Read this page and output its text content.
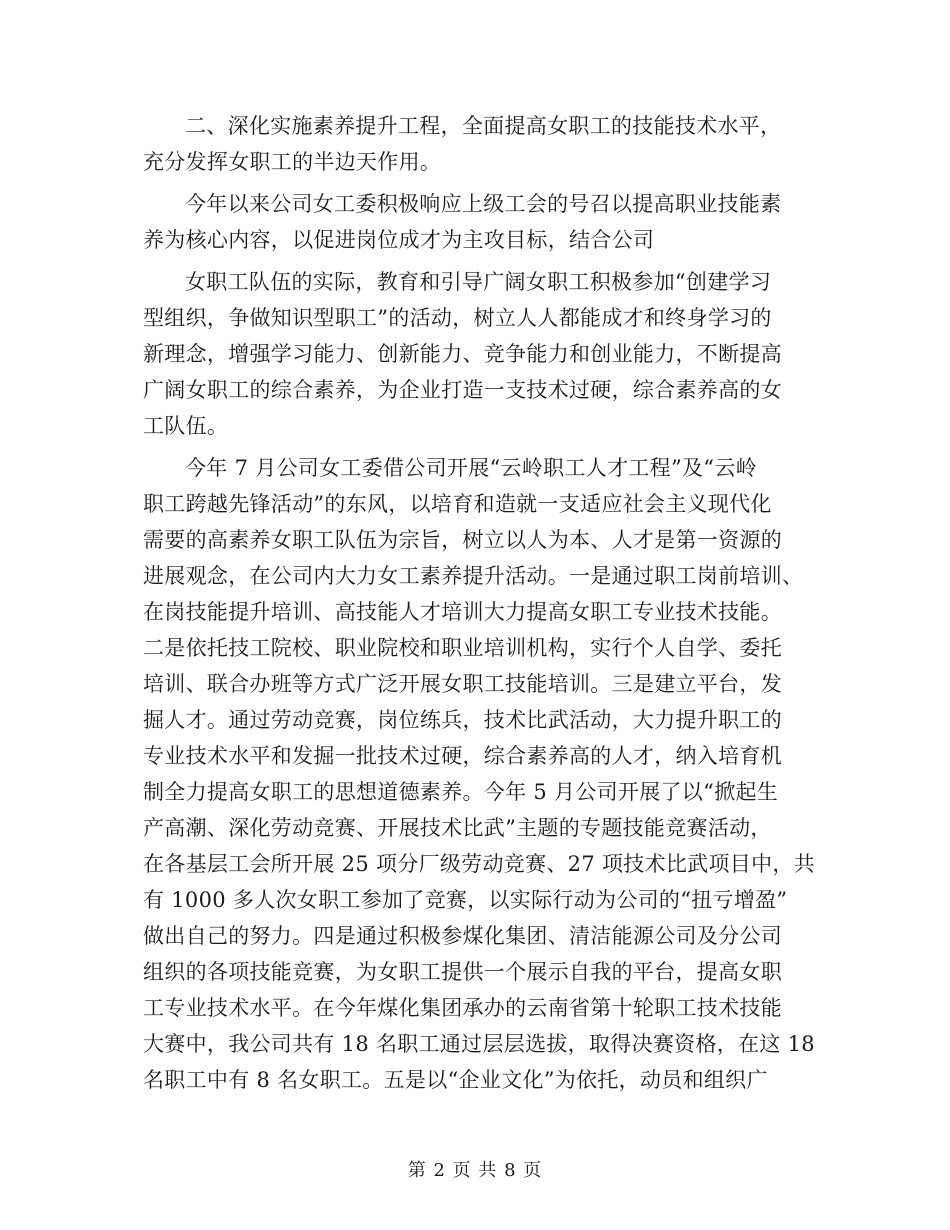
二、深化实施素养提升工程，全面提高女职工的技能技术水平，
充分发挥女职工的半边天作用。

今年以来公司女工委积极响应上级工会的号召以提高职业技能素
养为核心内容，以促进岗位成才为主攻目标，结合公司

女职工队伍的实际，教育和引导广阔女职工积极参加“创建学习
型组织，争做知识型职工”的活动，树立人人都能成才和终身学习的
新理念，增强学习能力、创新能力、竞争能力和创业能力，不断提高
广阔女职工的综合素养，为企业打造一支技术过硬，综合素养高的女
工队伍。

今年 7 月公司女工委借公司开展“云岭职工人才工程”及“云岭
职工跨越先锋活动”的东风，以培育和造就一支适应社会主义现代化
需要的高素养女职工队伍为宗旨，树立以人为本、人才是第一资源的
进展观念，在公司内大力女工素养提升活动。一是通过职工岗前培训、
在岗技能提升培训、高技能人才培训大力提高女职工专业技术技能。
二是依托技工院校、职业院校和职业培训机构，实行个人自学、委托
培训、联合办班等方式广泛开展女职工技能培训。三是建立平台，发
掘人才。通过劳动竞赛，岗位练兵，技术比武活动，大力提升职工的
专业技术水平和发掘一批技术过硬，综合素养高的人才，纳入培育机
制全力提高女职工的思想道德素养。今年 5 月公司开展了以“掀起生
产高潮、深化劳动竞赛、开展技术比武”主题的专题技能竞赛活动，
在各基层工会所开展 25 项分厂级劳动竞赛、27 项技术比武项目中，共
有 1000 多人次女职工参加了竞赛，以实际行动为公司的“扭亏增盈”
做出自己的努力。四是通过积极参煤化集团、清洁能源公司及分公司
组织的各项技能竞赛，为女职工提供一个展示自我的平台，提高女职
工专业技术水平。在今年煤化集团承办的云南省第十轮职工技术技能
大赛中，我公司共有 18 名职工通过层层选拔，取得决赛资格，在这 18
名职工中有 8 名女职工。五是以“企业文化”为依托，动员和组织广

第 2 页 共 8 页
